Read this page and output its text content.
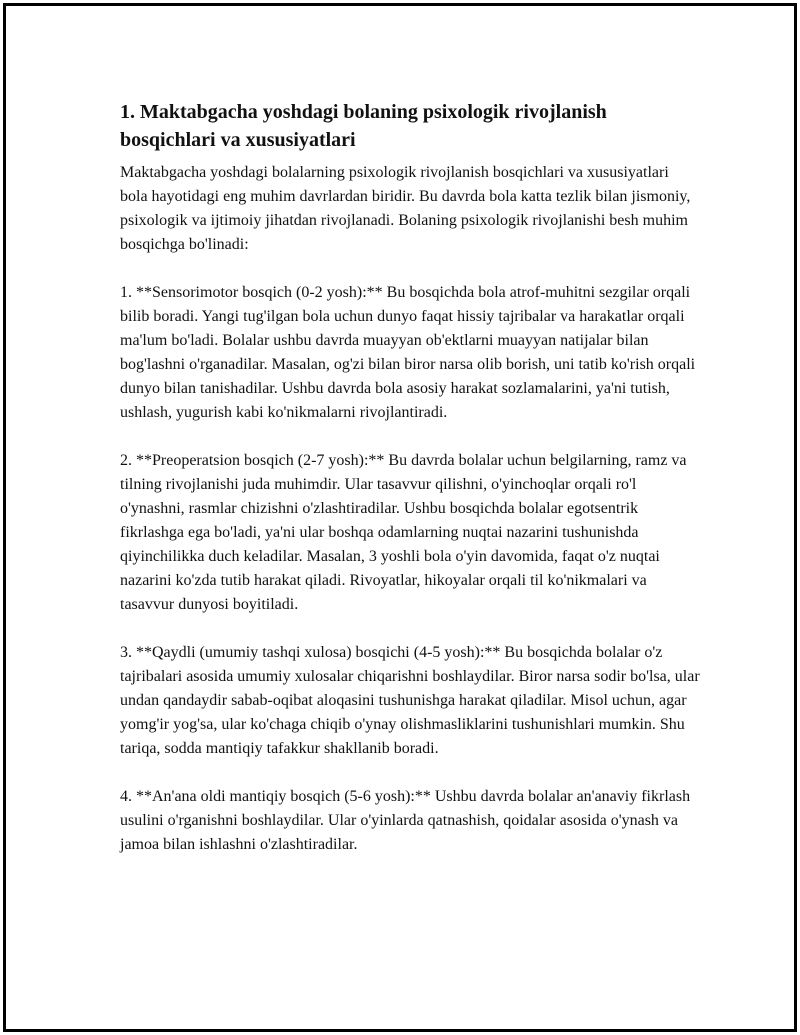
1. Maktabgacha yoshdagi bolaning psixologik rivojlanish bosqichlari va xususiyatlari

Maktabgacha yoshdagi bolalarning psixologik rivojlanish bosqichlari va xususiyatlari bola hayotidagi eng muhim davrlardan biridir. Bu davrda bola katta tezlik bilan jismoniy, psixologik va ijtimoiy jihatdan rivojlanadi. Bolaning psixologik rivojlanishi besh muhim bosqichga bo'linadi:

1. **Sensorimotor bosqich (0-2 yosh):** Bu bosqichda bola atrof-muhitni sezgilar orqali bilib boradi. Yangi tug'ilgan bola uchun dunyo faqat hissiy tajribalar va harakatlar orqali ma'lum bo'ladi. Bolalar ushbu davrda muayyan ob'ektlarni muayyan natijalar bilan bog'lashni o'rganadilar. Masalan, og'zi bilan biror narsa olib borish, uni tatib ko'rish orqali dunyo bilan tanishadilar. Ushbu davrda bola asosiy harakat sozlamalarini, ya'ni tutish, ushlash, yugurish kabi ko'nikmalarni rivojlantiradi.

2. **Preoperatsion bosqich (2-7 yosh):** Bu davrda bolalar uchun belgilarning, ramz va tilning rivojlanishi juda muhimdir. Ular tasavvur qilishni, o'yinchoqlar orqali ro'l o'ynashni, rasmlar chizishni o'zlashtiradilar. Ushbu bosqichda bolalar egotsentrik fikrlashga ega bo'ladi, ya'ni ular boshqa odamlarning nuqtai nazarini tushunishda qiyinchilikka duch keladilar. Masalan, 3 yoshli bola o'yin davomida, faqat o'z nuqtai nazarini ko'zda tutib harakat qiladi. Rivoyatlar, hikoyalar orqali til ko'nikmalari va tasavvur dunyosi boyitiladi.

3. **Qaydli (umumiy tashqi xulosa) bosqichi (4-5 yosh):** Bu bosqichda bolalar o'z tajribalari asosida umumiy xulosalar chiqarishni boshlaydilar. Biror narsa sodir bo'lsa, ular undan qandaydir sabab-oqibat aloqasini tushunishga harakat qiladilar. Misol uchun, agar yomg'ir yog'sa, ular ko'chaga chiqib o'ynay olishmasliklarini tushunishlari mumkin. Shu tariqa, sodda mantiqiy tafakkur shakllanib boradi.

4. **An'ana oldi mantiqiy bosqich (5-6 yosh):** Ushbu davrda bolalar an'anaviy fikrlash usulini o'rganishni boshlaydilar. Ular o'yinlarda qatnashish, qoidalar asosida o'ynash va jamoa bilan ishlashni o'zlashtiradilar.
